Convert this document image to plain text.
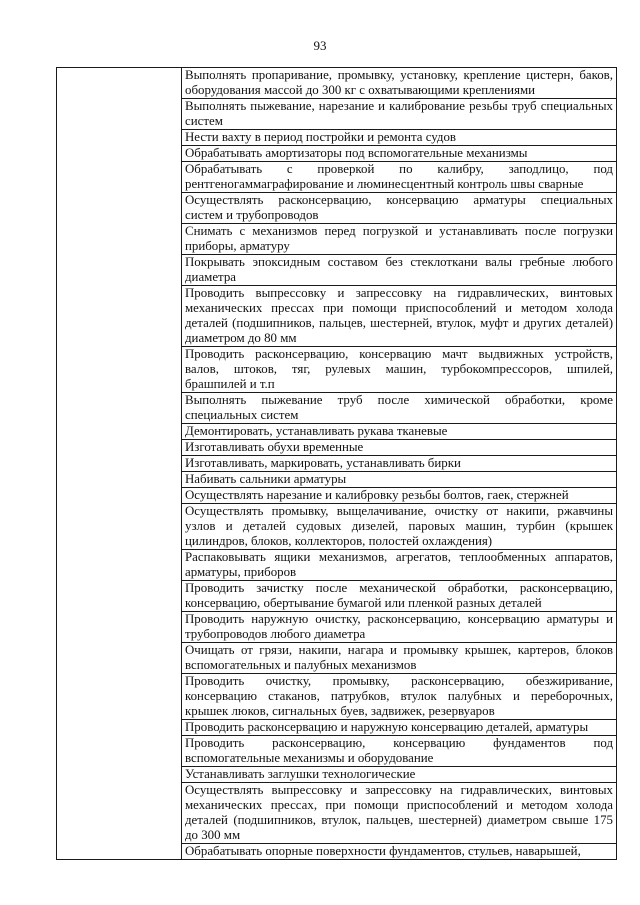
93

Выполнять пропаривание, промывку, установку, крепление цистерн, баков,
оборудования массой до 300 кг с охватывающими креплениями

Выполнять пыжевание, нарезание и калибрование резьбы труб специальных
систем

Нести вахту в период постройки и ремонта судов

Обрабатывать амортизаторы под вспомогательные механизмы

Обрабатывать с проверкой по калибру, заподлицо, под
рентгеногаммаграфирование и люминесцентный контроль швы сварные

Осуществлять расконсервацию, консервацию арматуры специальных
систем и трубопроводов

Снимать с механизмов перед погрузкой и устанавливать после погрузки
приборы, арматуру

Покрывать эпоксидным составом без стеклоткани валы гребные любого
диаметра

Проводить выпрессовку и запрессовку на гидравлических, винтовых
механических прессах при помощи приспособлений и методом холода
деталей (подшипников, пальцев, шестерней, втулок, муфт и других деталей)
диаметром до 80 мм

Проводить расконсервацию, консервацию мачт выдвижных устройств,
валов, штоков, тяг, рулевых машин, турбокомпрессоров, шпилей,
брашпилей и т.п

Выполнять пыжевание труб после химической обработки, кроме
специальных систем

Демонтировать, устанавливать рукава тканевые

Изготавливать обухи временные

Изготавливать, маркировать, устанавливать бирки

Набивать сальники арматуры

Осуществлять нарезание и калибровку резьбы болтов, гаек, стержней

Осуществлять промывку, выщелачивание, очистку от накипи, ржавчины
узлов и деталей судовых дизелей, паровых машин, турбин (крышек
цилиндров, блоков, коллекторов, полостей охлаждения)

Распаковывать ящики механизмов, агрегатов, теплообменных аппаратов,
арматуры, приборов

Проводить зачистку после механической обработки, расконсервацию,
консервацию, обертывание бумагой или пленкой разных деталей

Проводить наружную очистку, расконсервацию, консервацию арматуры и
трубопроводов любого диаметра

Очищать от грязи, накипи, нагара и промывку крышек, картеров, блоков
вспомогательных и палубных механизмов

Проводить очистку, промывку, расконсервацию, обезжиривание,
консервацию стаканов, патрубков, втулок палубных и переборочных,
крышек люков, сигнальных буев, задвижек, резервуаров

Проводить расконсервацию и наружную консервацию деталей, арматуры

Проводить расконсервацию, консервацию фундаментов под
вспомогательные механизмы и оборудование

Устанавливать заглушки технологические

Осуществлять выпрессовку и запрессовку на гидравлических, винтовых
механических прессах, при помощи приспособлений и методом холода
деталей (подшипников, втулок, пальцев, шестерней) диаметром свыше 175
до 300 мм

Обрабатывать опорные поверхности фундаментов, стульев, наварышей,
